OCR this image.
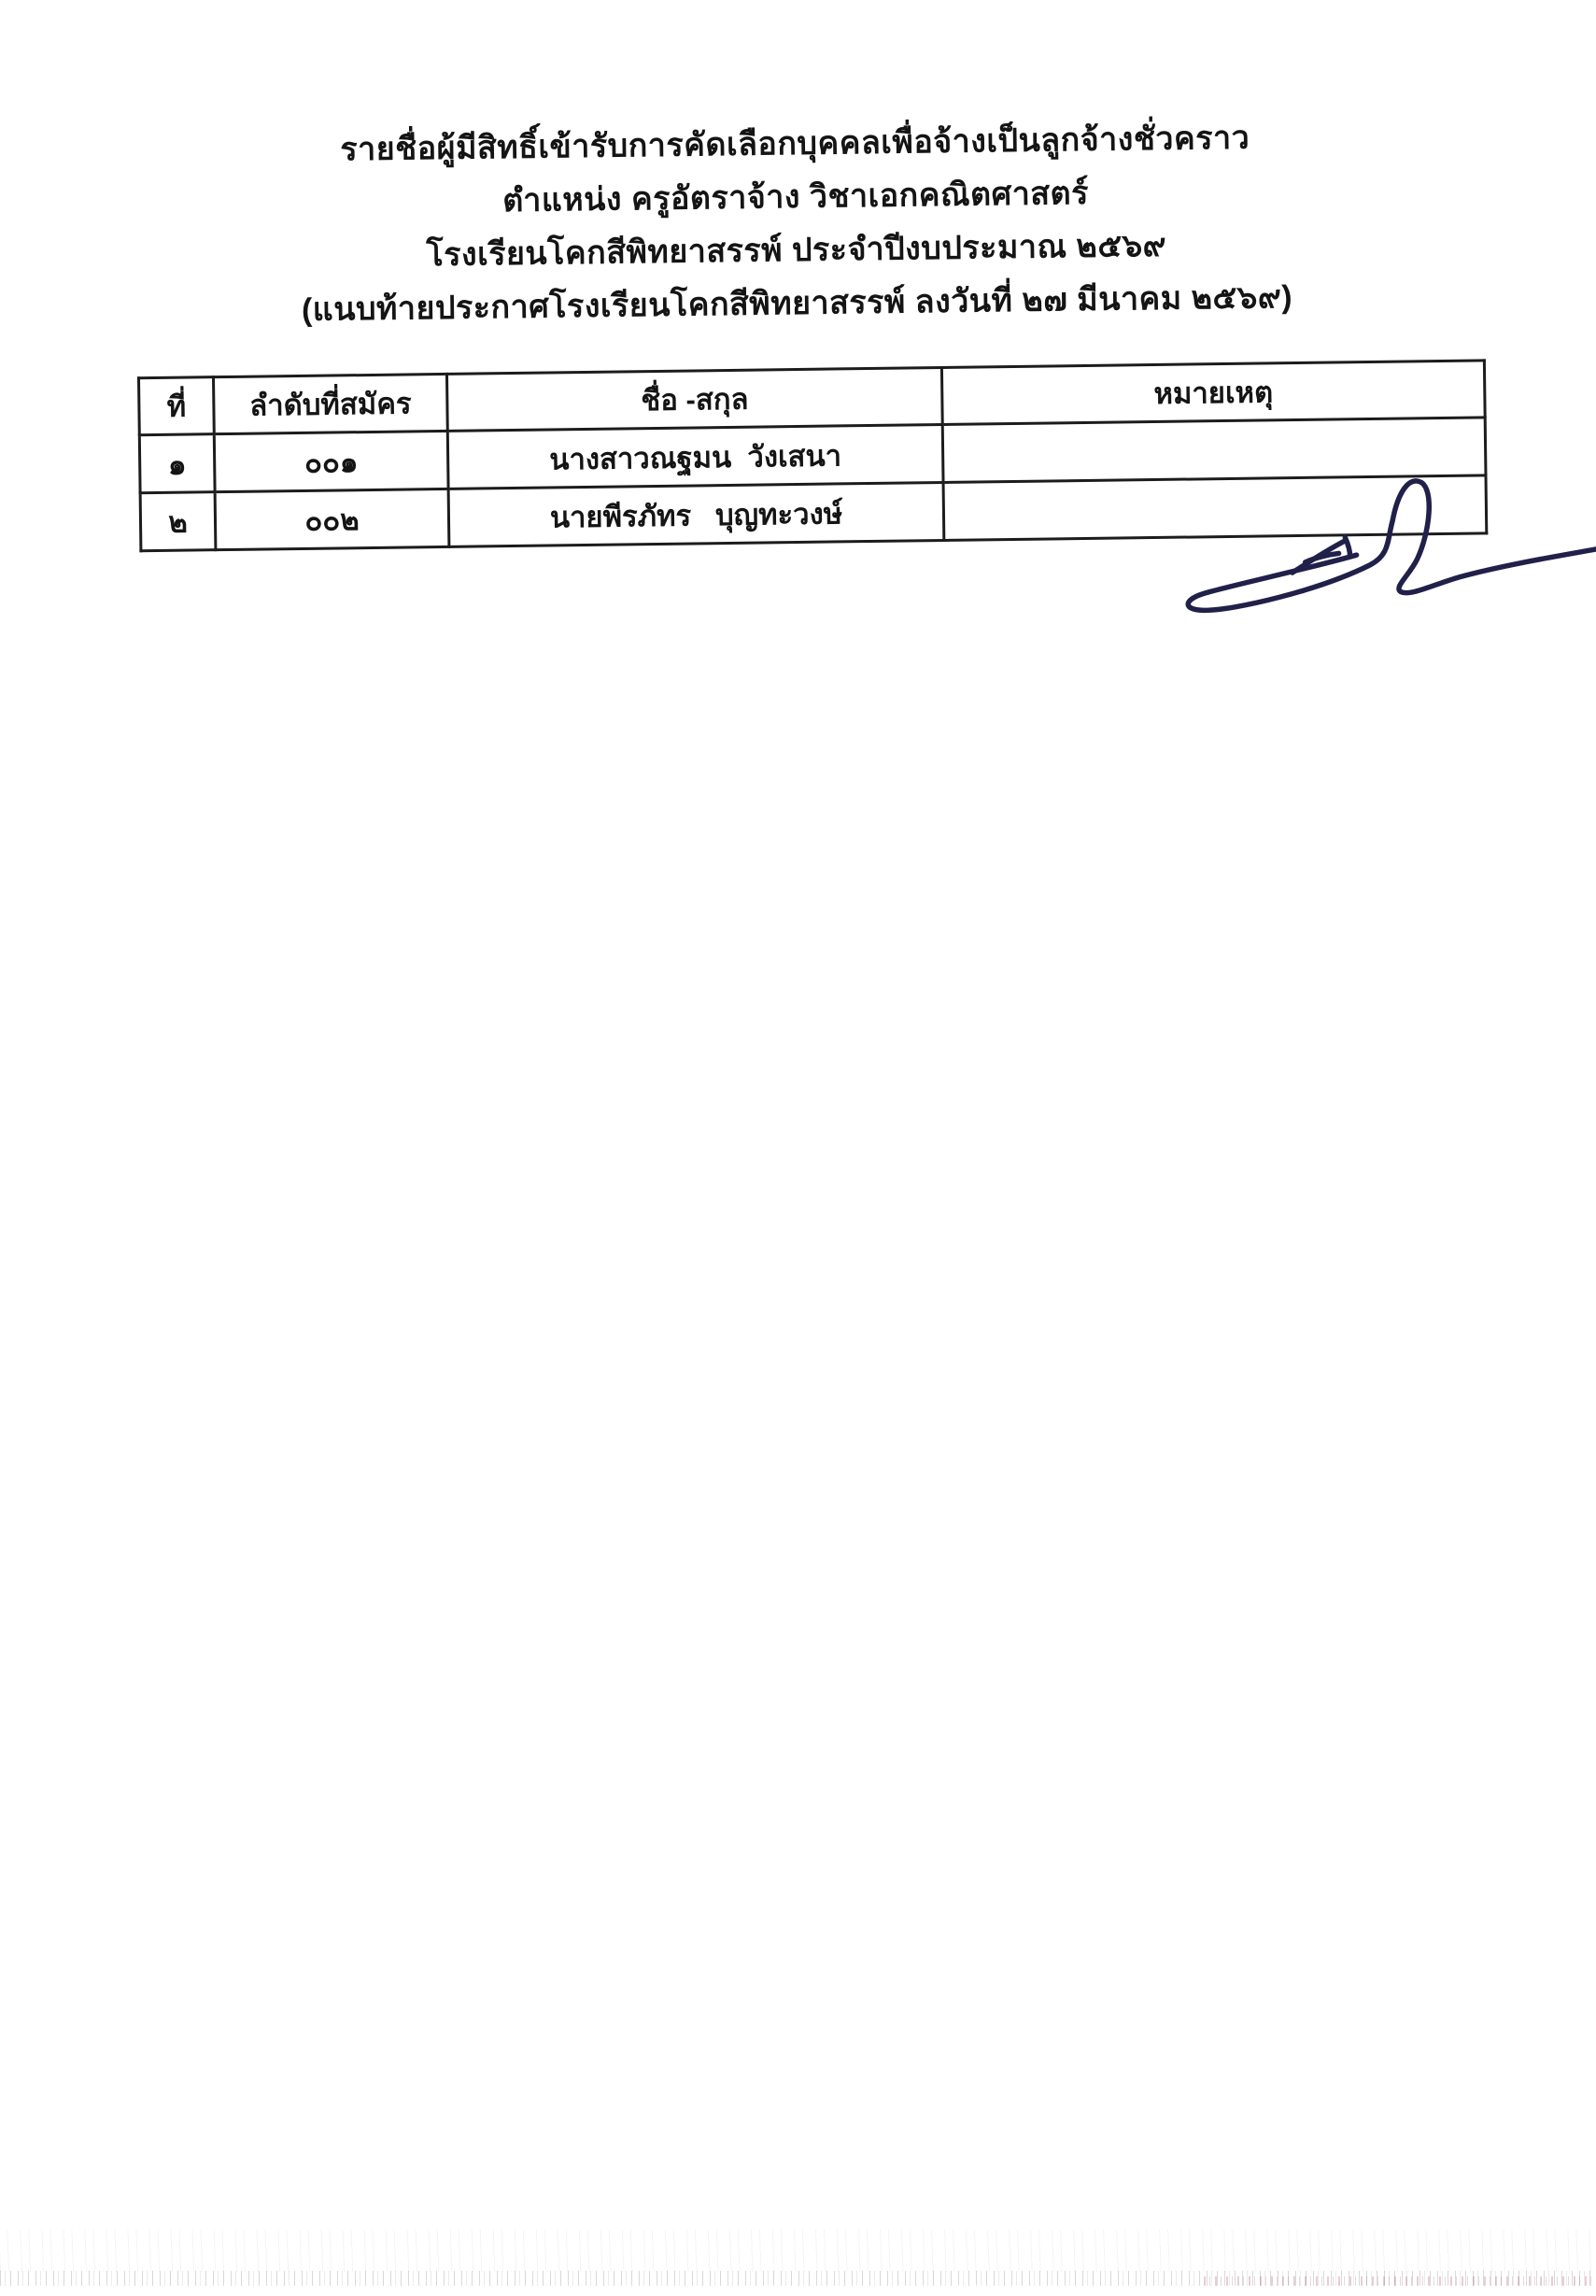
รายชื่อผู้มีสิทธิ์เข้ารับการคัดเลือกบุคคลเพื่อจ้างเป็นลูกจ้างชั่วคราว
ตำแหน่ง ครูอัตราจ้าง วิชาเอกคณิตศาสตร์
โรงเรียนโคกสีพิทยาสรรพ์ ประจำปีงบประมาณ ๒๕๖๙
(แนบท้ายประกาศโรงเรียนโคกสีพิทยาสรรพ์ ลงวันที่ ๒๗ มีนาคม ๒๕๖๙)
ที่	ลำดับที่สมัคร	ชื่อ -สกุล	หมายเหตุ
๑	๐๐๑	นางสาวณฐมน  วังเสนา	
๒	๐๐๒	นายพีรภัทร   บุญทะวงษ์	
